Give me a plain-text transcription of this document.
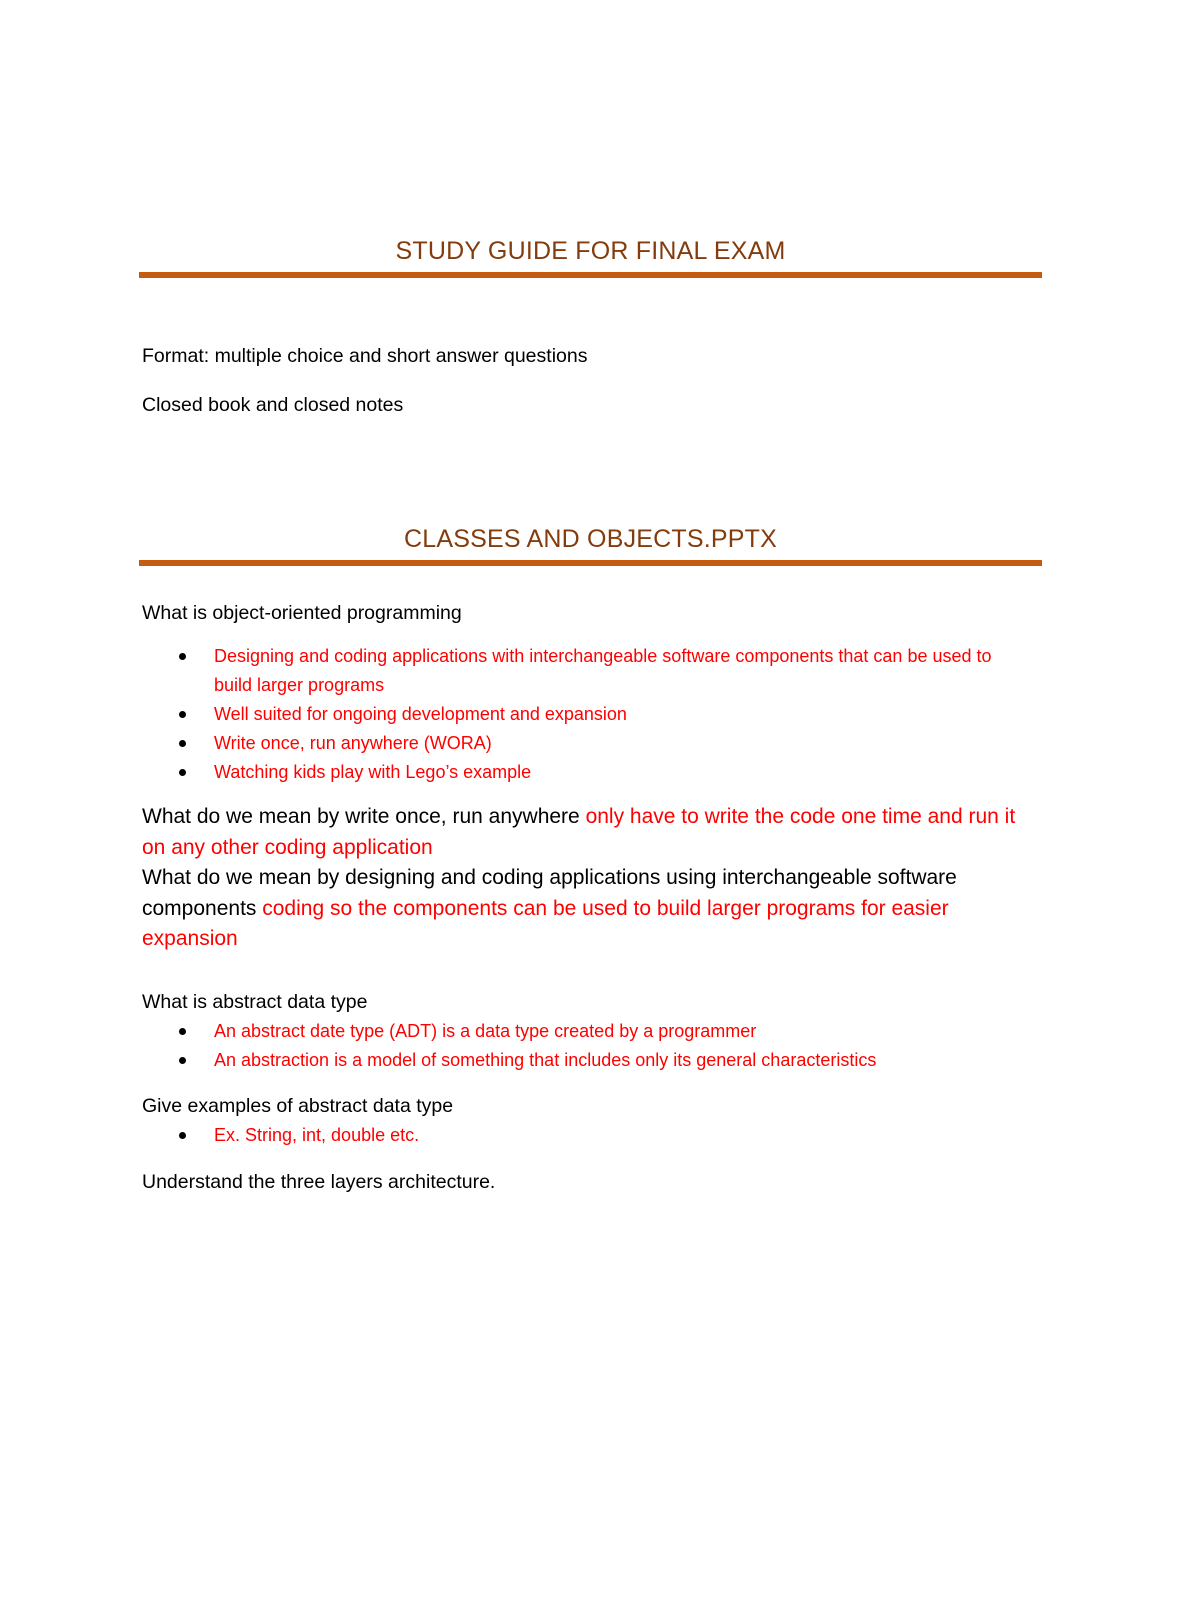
STUDY GUIDE FOR FINAL EXAM
Format: multiple choice and short answer questions
Closed book and closed notes
CLASSES AND OBJECTS.PPTX
What is object-oriented programming
Designing and coding applications with interchangeable software components that can be used to build larger programs
Well suited for ongoing development and expansion
Write once, run anywhere (WORA)
Watching kids play with Lego’s example
What do we mean by write once, run anywhere only have to write the code one time and run it on any other coding application
What do we mean by designing and coding applications using interchangeable software components coding so the components can be used to build larger programs for easier expansion
What is abstract data type
An abstract date type (ADT) is a data type created by a programmer
An abstraction is a model of something that includes only its general characteristics
Give examples of abstract data type
Ex. String, int, double etc.
Understand the three layers architecture.
